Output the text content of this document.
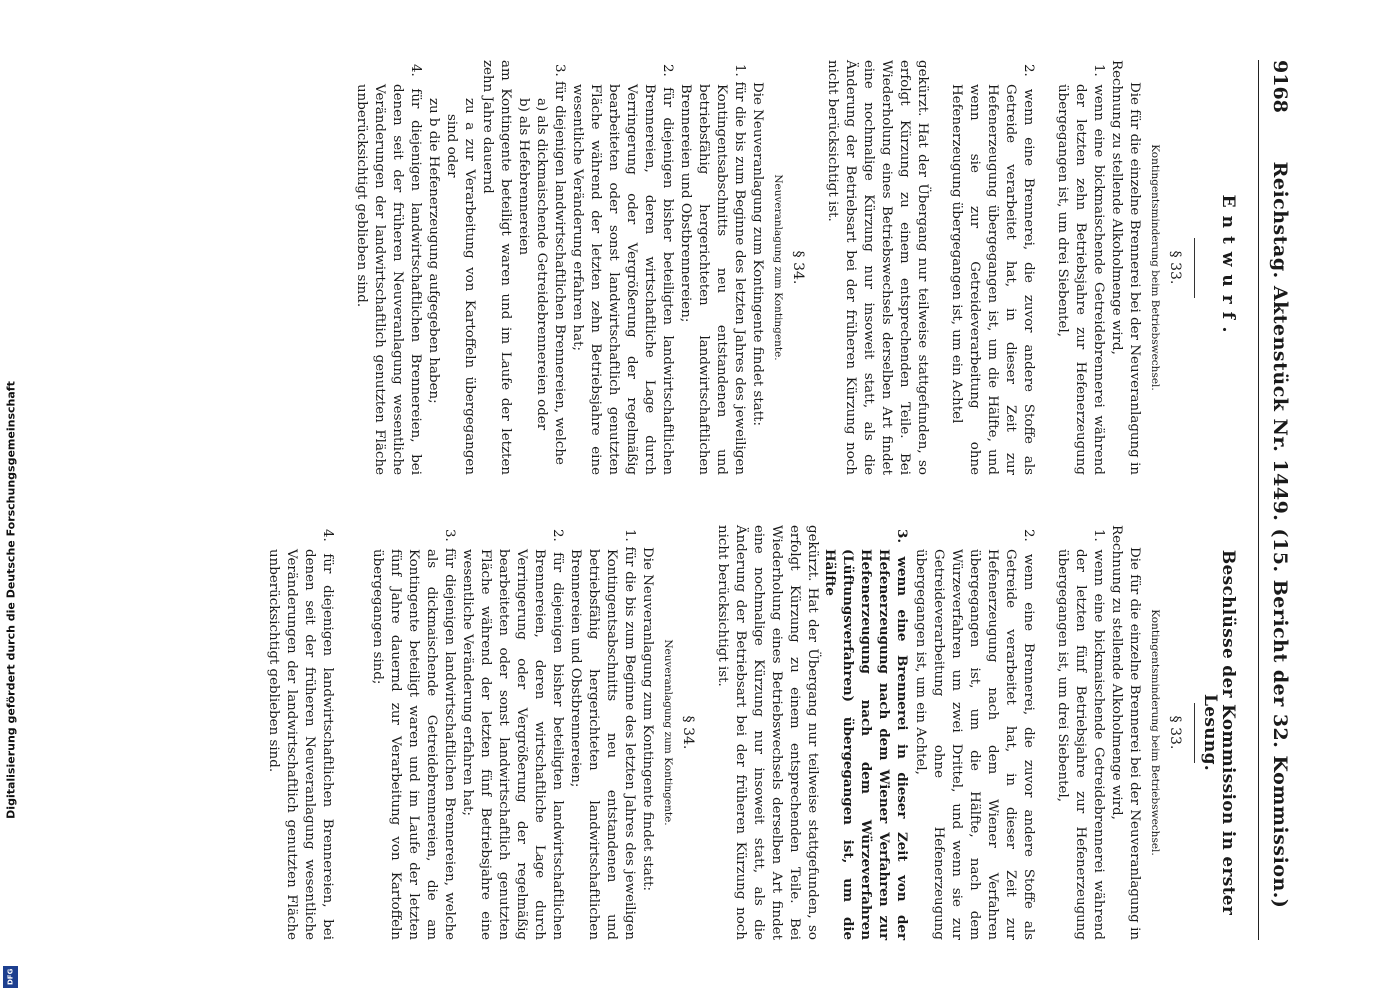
Digitalisierung gefördert durch die Deutsche Forschungsgemeinschaft
DFG
9168
Reichstag. Aktenstück Nr. 1449. (15. Bericht der 32. Kommission.)
Entwurf.
§ 33.
Kontingentsminderung beim Betriebswechsel.

Die für die einzelne Brennerei bei der Neuveranlagung in Rechnung zu stellende Alkoholmenge wird,

1. wenn eine bickmaischende Getreidebrennerei während der letzten zehn Betriebsjahre zur Hefenerzeugung übergegangen ist, um drei Siebentel,

2. wenn eine Brennerei, die zuvor andere Stoffe als Getreide verarbeitet hat, in dieser Zeit zur Hefenerzeugung übergegangen ist, um die Hälfte, und wenn sie zur Getreideverarbeitung ohne Hefenerzeugung übergegangen ist, um ein Achtel

gekürzt. Hat der Übergang nur teilweise stattgefunden, so erfolgt Kürzung zu einem entsprechenden Teile. Bei Wiederholung eines Betriebswechsels derselben Art findet eine nochmalige Kürzung nur insoweit statt, als die Änderung der Betriebsart bei der früheren Kürzung noch nicht berücksichtigt ist.

§ 34.
Neuveranlagung zum Kontingente.

Die Neuveranlagung zum Kontingente findet statt:

1. für die bis zum Beginne des letzten Jahres des jeweiligen Kontingentsabschnitts neu entstandenen und betriebsfähig hergerichteten landwirtschaftlichen Brennereien und Obstbrennereien;

2. für diejenigen bisher beteiligten landwirtschaftlichen Brennereien, deren wirtschaftliche Lage durch Verringerung oder Vergrößerung der regelmäßig bearbeiteten oder sonst landwirtschaftlich genutzten Fläche während der letzten zehn Betriebsjahre eine wesentliche Veränderung erfahren hat;

3. für diejenigen landwirtschaftlichen Brennereien, welche

a) als dickmaischende Getreidebrennereien oder

b) als Hefebrennereien

am Kontingente beteiligt waren und im Laufe der letzten zehn Jahre dauernd

zu a zur Verarbeitung von Kartoffeln übergegangen sind oder

zu b die Hefenerzeugung aufgegeben haben;

4. für diejenigen landwirtschaftlichen Brennereien, bei denen seit der früheren Neuveranlagung wesentliche Veränderungen der landwirtschaftlich genutzten Fläche unberücksichtigt geblieben sind.

Beschlüsse der Kommission in erster Lesung.
§ 33.
Kontingentsminderung beim Betriebswechsel.

Die für die einzelne Brennerei bei der Neuveranlagung in Rechnung zu stellende Alkoholmenge wird,

1. wenn eine bickmaischende Getreidebrennerei während der letzten fünf Betriebsjahre zur Hefenerzeugung übergegangen ist, um drei Siebentel,

2. wenn eine Brennerei, die zuvor andere Stoffe als Getreide verarbeitet hat, in dieser Zeit zur Hefenerzeugung nach dem Wiener Verfahren übergegangen ist, um die Hälfte, nach dem Würzeverfahren um zwei Drittel, und wenn sie zur Getreideverarbeitung ohne Hefenerzeugung übergegangen ist, um ein Achtel,

3. wenn eine Brennerei in dieser Zeit von der Hefenerzeugung nach dem Wiener Verfahren zur Hefenerzeugung nach dem Würzeverfahren (Lüftungsverfahren) übergegangen ist, um die Hälfte

gekürzt. Hat der Übergang nur teilweise stattgefunden, so erfolgt Kürzung zu einem entsprechenden Teile. Bei Wiederholung eines Betriebswechsels derselben Art findet eine nochmalige Kürzung nur insoweit statt, als die Änderung der Betriebsart bei der früheren Kürzung noch nicht berücksichtigt ist.

§ 34.
Neuveranlagung zum Kontingente.

Die Neuveranlagung zum Kontingente findet statt:

1. für die bis zum Beginne des letzten Jahres des jeweiligen Kontingentsabschnitts neu entstandenen und betriebsfähig hergerichteten landwirtschaftlichen Brennereien und Obstbrennereien;

2. für diejenigen bisher beteiligten landwirtschaftlichen Brennereien, deren wirtschaftliche Lage durch Verringerung oder Vergrößerung der regelmäßig bearbeiteten oder sonst landwirtschaftlich genutzten Fläche während der letzten fünf Betriebsjahre eine wesentliche Veränderung erfahren hat;

3. für diejenigen landwirtschaftlichen Brennereien, welche als dickmaischende Getreidebrennereien, die am Kontingente beteiligt waren und im Laufe der letzten fünf Jahre dauernd zur Verarbeitung von Kartoffeln übergegangen sind;

4. für diejenigen landwirtschaftlichen Brennereien, bei denen seit der früheren Neuveranlagung wesentliche Veränderungen der landwirtschaftlich genutzten Fläche unberücksichtigt geblieben sind.
